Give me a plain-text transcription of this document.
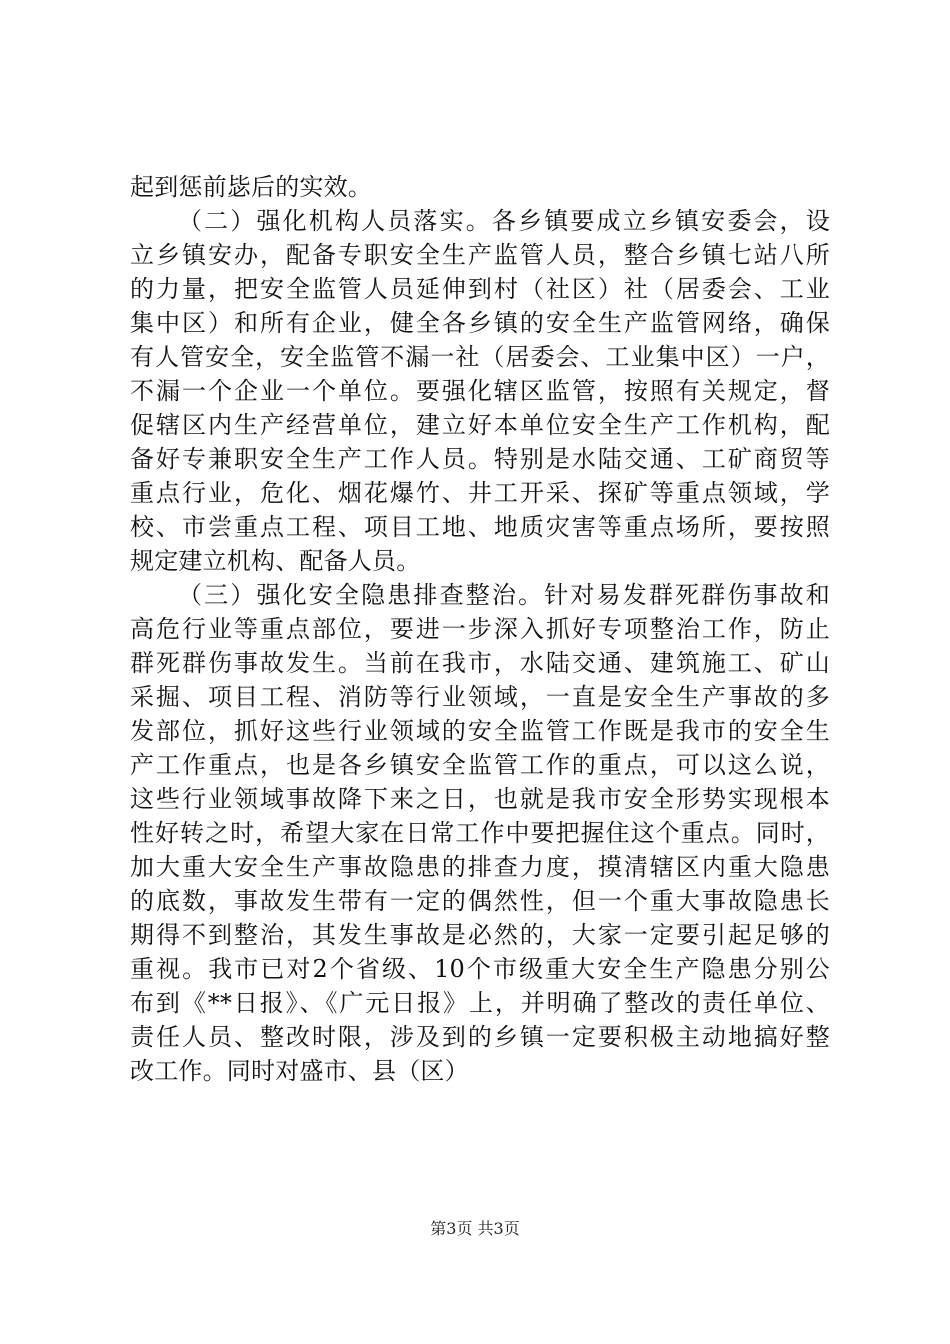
起到惩前毖后的实效。
（二）强化机构人员落实。各乡镇要成立乡镇安委会，设
立乡镇安办，配备专职安全生产监管人员，整合乡镇七站八所
的力量，把安全监管人员延伸到村（社区）社（居委会、工业
集中区）和所有企业，健全各乡镇的安全生产监管网络，确保
有人管安全，安全监管不漏一社（居委会、工业集中区）一户，
不漏一个企业一个单位。要强化辖区监管，按照有关规定，督
促辖区内生产经营单位，建立好本单位安全生产工作机构，配
备好专兼职安全生产工作人员。特别是水陆交通、工矿商贸等
重点行业，危化、烟花爆竹、井工开采、探矿等重点领域，学
校、市尝重点工程、项目工地、地质灾害等重点场所，要按照
规定建立机构、配备人员。
（三）强化安全隐患排查整治。针对易发群死群伤事故和
高危行业等重点部位，要进一步深入抓好专项整治工作，防止
群死群伤事故发生。当前在我市，水陆交通、建筑施工、矿山
采掘、项目工程、消防等行业领域，一直是安全生产事故的多
发部位，抓好这些行业领域的安全监管工作既是我市的安全生
产工作重点，也是各乡镇安全监管工作的重点，可以这么说，
这些行业领域事故降下来之日，也就是我市安全形势实现根本
性好转之时，希望大家在日常工作中要把握住这个重点。同时，
加大重大安全生产事故隐患的排查力度，摸清辖区内重大隐患
的底数，事故发生带有一定的偶然性，但一个重大事故隐患长
期得不到整治，其发生事故是必然的，大家一定要引起足够的
重视。我市已对2个省级、10个市级重大安全生产隐患分别公
布到《**日报》、《广元日报》上，并明确了整改的责任单位、
责任人员、整改时限，涉及到的乡镇一定要积极主动地搞好整
改工作。同时对盛市、县（区）
第3页 共3页
